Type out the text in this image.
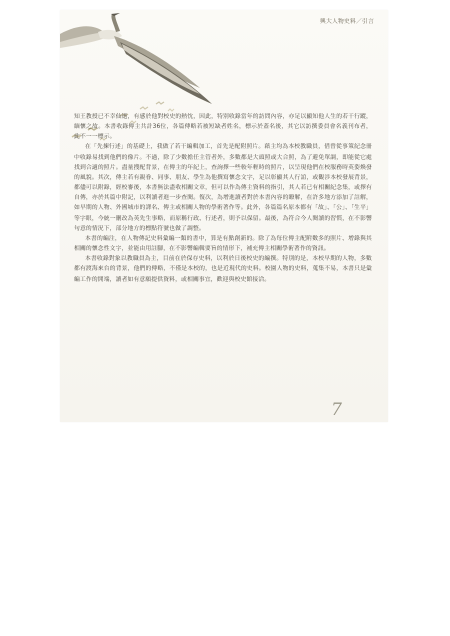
興大人物史料／引言

知王教授已不幸仙逝，有感於他對校史的熱忱，因此，特別收錄當年的訪問內容，亦足以顯知他人生的若干行蹤，緬懷之故。本書收錄傳主共計36位，各篇傳略若被短缺者姓名，標示於蓋名後，其它以訪撰委員會名義刊布者，此不一一標示。

在「先揀行述」的基礎上，我做了若干編輯加工，首先是配附照片。藉主均為本校教職員，借曾從事策紀念冊中收錄易找到他們的像片。不過，除了少數擔任主管者外，多數都是大頭照或大合照，為了避免單調，即能從它處找到合適的照片。盡量搜配背景，在傳主的年紀上，查詢擇一些較年輕時的照片，以呈現他們在校服務時英姿煥發的風貌。其次，傳主若有親眷、同事、朋友、學生為他撰寫懷念文字，足以彰顯其人行誼，或觀涉本校發展背景，都儘可以附錄，經校審後，本書無法盡收相關文章，但可以作為傳主資料的指引，其人若已有相關紀念集，或擇有自傳，亦於其篇中附記，以利讀者進一步查閱。復次，為增進讀者對於本書內容的瞭解，在許多地方添加了註解，如早期的人物、外國城市的譯名、傳主或相關人物的學術著作等。此外，各篇篇名原本都有「故」、「公」、「生平」等字眼，今統一刪改為英先生事略，而原稱行政、行述者，則予以保留。最後，為符合今人閱讀的習慣，在不影響句意的情況下，部分地方的標點符號也做了調整。

本書的編注，在人物傳記史料彙編一類的書中，算是有點創新的。除了為每位傳主配附數多的照片、增錄與其相關的懷念性文字，並能由用註腳，在不影響編輯要旨的情形下，補充傳主相關學術著作的資訊。

本書收錄對象以教職員為主，目前在於保存史料，以利於日後校史的編撰。特別的是，本校早期的人物，多數都有渡海來台的背景，他們的傳略，不僅是本校的，也是近現代的史料。校園人物的史料，蒐集不易，本書只是彙編工作的開端，讀者如有意願提供資料，或相關事宜，歡迎與校史館接洽。

7
